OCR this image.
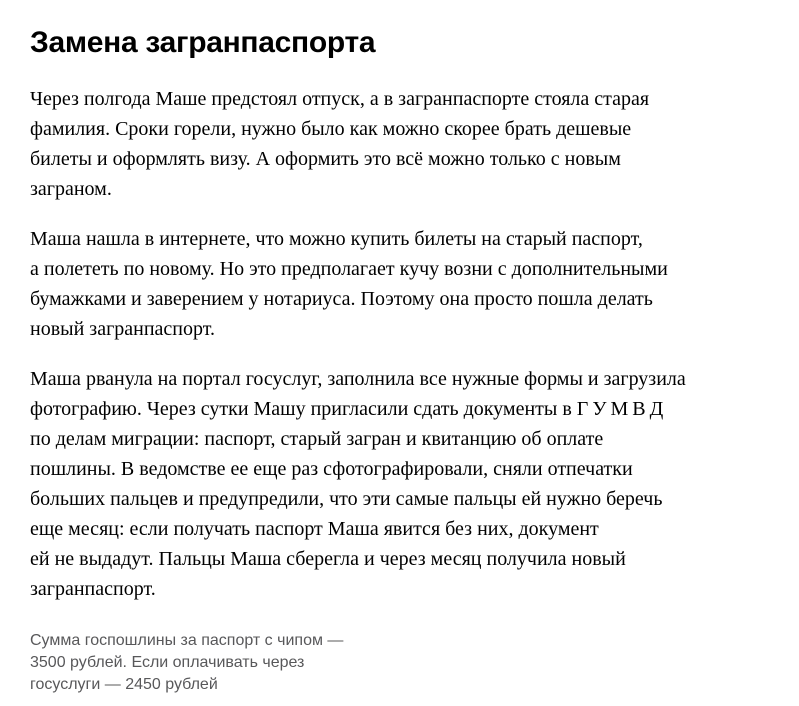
Замена загранпаспорта

Через полгода Маше предстоял отпуск, а в загранпаспорте стояла старая
фамилия. Сроки горели, нужно было как можно скорее брать дешевые
билеты и оформлять визу. А оформить это всё можно только с новым
заграном.

Маша нашла в интернете, что можно купить билеты на старый паспорт,
а полететь по новому. Но это предполагает кучу возни с дополнительными
бумажками и заверением у нотариуса. Поэтому она просто пошла делать
новый загранпаспорт.

Маша рванула на портал госуслуг, заполнила все нужные формы и загрузила
фотографию. Через сутки Машу пригласили сдать документы в Г У М В Д
по делам миграции: паспорт, старый загран и квитанцию об оплате
пошлины. В ведомстве ее еще раз сфотографировали, сняли отпечатки
больших пальцев и предупредили, что эти самые пальцы ей нужно беречь
еще месяц: если получать паспорт Маша явится без них, документ
ей не выдадут. Пальцы Маша сберегла и через месяц получила новый
загранпаспорт.

Сумма госпошлины за паспорт с чипом —
3500 рублей. Если оплачивать через
госуслуги — 2450 рублей
